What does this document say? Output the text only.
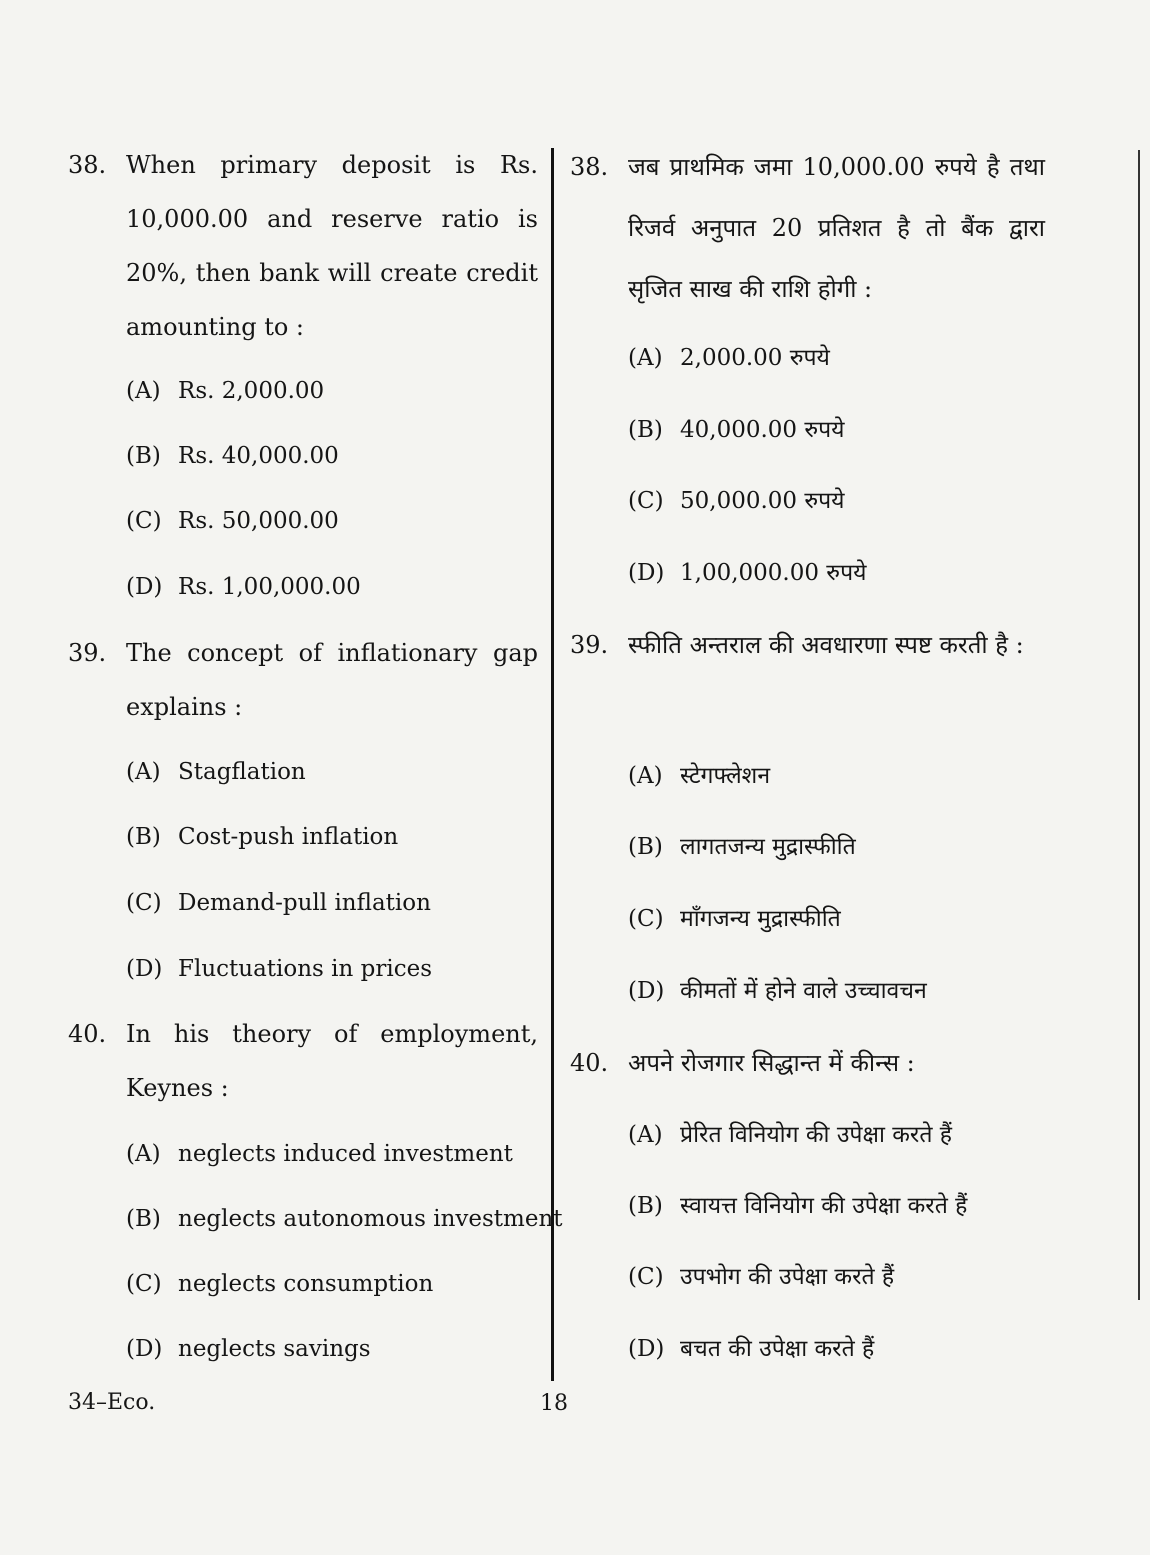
38. When primary deposit is Rs. 10,000.00 and reserve ratio is 20%, then bank will create credit amounting to :
(A) Rs. 2,000.00
(B) Rs. 40,000.00
(C) Rs. 50,000.00
(D) Rs. 1,00,000.00
39. The concept of inflationary gap explains :
(A) Stagflation
(B) Cost-push inflation
(C) Demand-pull inflation
(D) Fluctuations in prices
40. In his theory of employment, Keynes :
(A) neglects induced investment
(B) neglects autonomous investment
(C) neglects consumption
(D) neglects savings
38. जब प्राथमिक जमा 10,000.00 रुपये है तथा रिजर्व अनुपात 20 प्रतिशत है तो बैंक द्वारा सृजित साख की राशि होगी :
(A) 2,000.00 रुपये
(B) 40,000.00 रुपये
(C) 50,000.00 रुपये
(D) 1,00,000.00 रुपये
39. स्फीति अन्तराल की अवधारणा स्पष्ट करती है :
(A) स्टेगफ्लेशन
(B) लागतजन्य मुद्रास्फीति
(C) माँगजन्य मुद्रास्फीति
(D) कीमतों में होने वाले उच्चावचन
40. अपने रोजगार सिद्धान्त में कीन्स :
(A) प्रेरित विनियोग की उपेक्षा करते हैं
(B) स्वायत्त विनियोग की उपेक्षा करते हैं
(C) उपभोग की उपेक्षा करते हैं
(D) बचत की उपेक्षा करते हैं
34–Eco.	18
